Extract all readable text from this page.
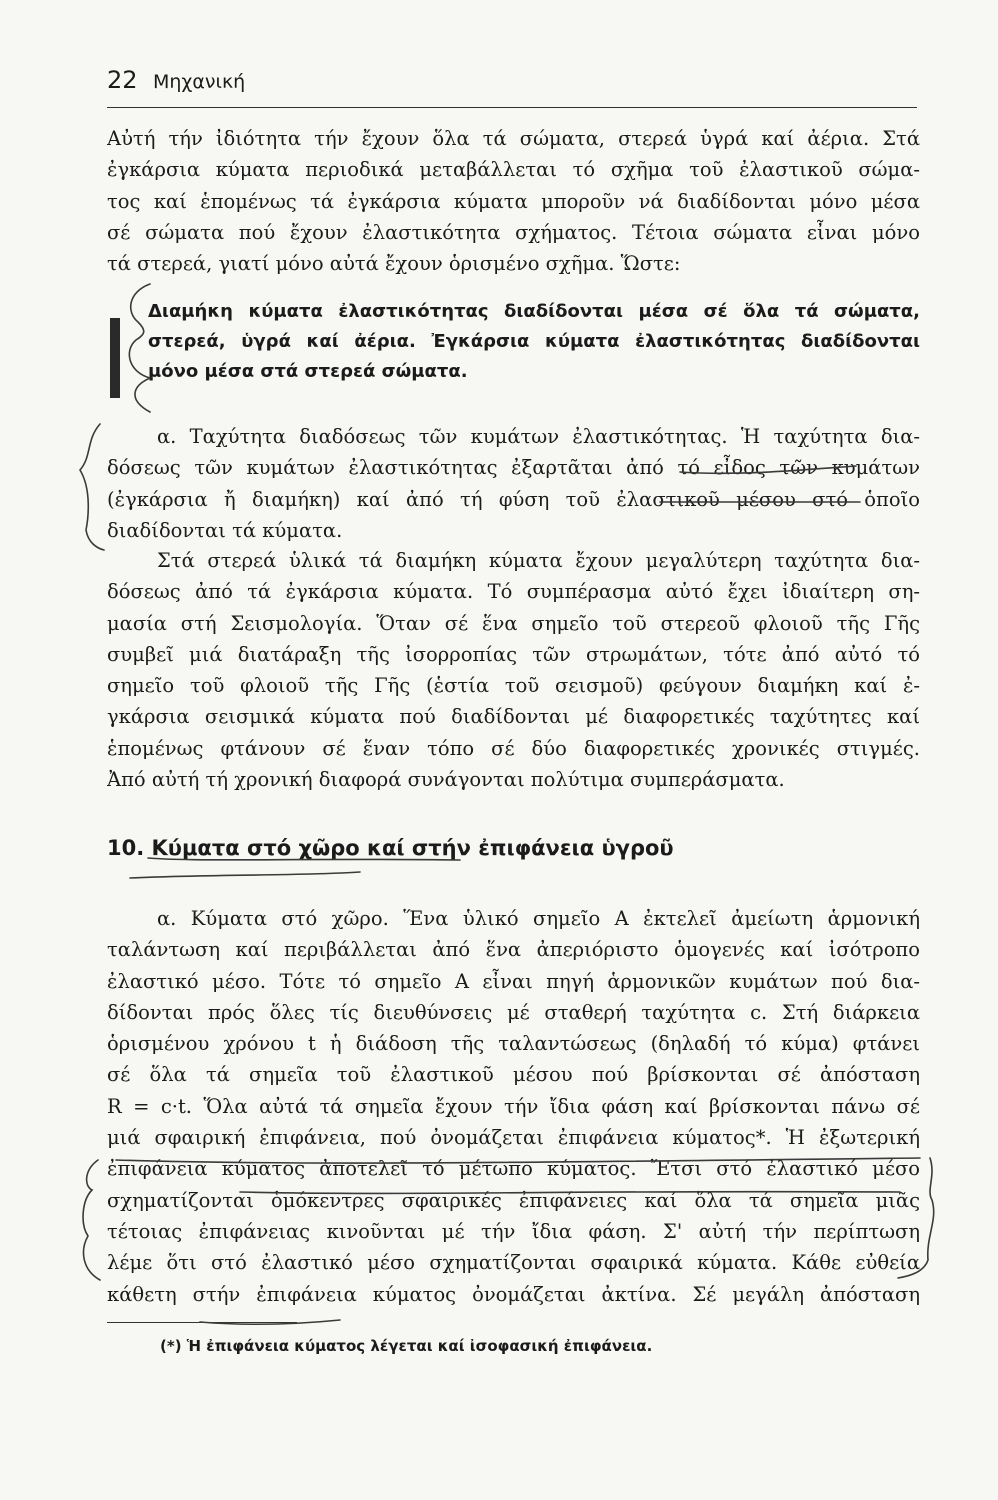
22 Μηχανική

Αὐτή τήν ἰδιότητα τήν ἔχουν ὅλα τά σώματα, στερεά ὑγρά καί ἀέρια. Στά
ἐγκάρσια κύματα περιοδικά μεταβάλλεται τό σχῆμα τοῦ ἐλαστικοῦ σώμα-
τος καί ἑπομένως τά ἐγκάρσια κύματα μποροῦν νά διαδίδονται μόνο μέσα
σέ σώματα πού ἔχουν ἐλαστικότητα σχήματος. Τέτοια σώματα εἶναι μόνο
τά στερεά, γιατί μόνο αὐτά ἔχουν ὁρισμένο σχῆμα. Ὥστε:

Διαμήκη κύματα ἐλαστικότητας διαδίδονται μέσα σέ ὅλα τά σώματα,
στερεά, ὑγρά καί ἀέρια. Ἐγκάρσια κύματα ἐλαστικότητας διαδίδονται
μόνο μέσα στά στερεά σώματα.

α. Ταχύτητα διαδόσεως τῶν κυμάτων ἐλαστικότητας. Ἡ ταχύτητα δια-
δόσεως τῶν κυμάτων ἐλαστικότητας ἐξαρτᾶται ἀπό τό εἶδος τῶν κυμάτων
(ἐγκάρσια ἤ διαμήκη) καί ἀπό τή φύση τοῦ ἐλαστικοῦ μέσου στό ὁποῖο
διαδίδονται τά κύματα.

Στά στερεά ὑλικά τά διαμήκη κύματα ἔχουν μεγαλύτερη ταχύτητα δια-
δόσεως ἀπό τά ἐγκάρσια κύματα. Τό συμπέρασμα αὐτό ἔχει ἰδιαίτερη ση-
μασία στή Σεισμολογία. Ὅταν σέ ἕνα σημεῖο τοῦ στερεοῦ φλοιοῦ τῆς Γῆς
συμβεῖ μιά διατάραξη τῆς ἰσορροπίας τῶν στρωμάτων, τότε ἀπό αὐτό τό
σημεῖο τοῦ φλοιοῦ τῆς Γῆς (ἑστία τοῦ σεισμοῦ) φεύγουν διαμήκη καί ἐ-
γκάρσια σεισμικά κύματα πού διαδίδονται μέ διαφορετικές ταχύτητες καί
ἑπομένως φτάνουν σέ ἕναν τόπο σέ δύο διαφορετικές χρονικές στιγμές.
Ἀπό αὐτή τή χρονική διαφορά συνάγονται πολύτιμα συμπεράσματα.

10. Κύματα στό χῶρο καί στήν ἐπιφάνεια ὑγροῦ

α. Κύματα στό χῶρο. Ἕνα ὑλικό σημεῖο Α ἐκτελεῖ ἀμείωτη ἁρμονική
ταλάντωση καί περιβάλλεται ἀπό ἕνα ἀπεριόριστο ὁμογενές καί ἰσότροπο
ἐλαστικό μέσο. Τότε τό σημεῖο Α εἶναι πηγή ἁρμονικῶν κυμάτων πού δια-
δίδονται πρός ὅλες τίς διευθύνσεις μέ σταθερή ταχύτητα c. Στή διάρκεια
ὁρισμένου χρόνου t ἡ διάδοση τῆς ταλαντώσεως (δηλαδή τό κύμα) φτάνει
σέ ὅλα τά σημεῖα τοῦ ἐλαστικοῦ μέσου πού βρίσκονται σέ ἀπόσταση
R = c·t. Ὅλα αὐτά τά σημεῖα ἔχουν τήν ἴδια φάση καί βρίσκονται πάνω σέ
μιά σφαιρική ἐπιφάνεια, πού ὀνομάζεται ἐπιφάνεια κύματος*. Ἡ ἐξωτερική
ἐπιφάνεια κύματος ἀποτελεῖ τό μέτωπο κύματος. Ἔτσι στό ἐλαστικό μέσο
σχηματίζονται ὁμόκεντρες σφαιρικές ἐπιφάνειες καί ὅλα τά σημεῖα μιᾶς
τέτοιας ἐπιφάνειας κινοῦνται μέ τήν ἴδια φάση. Σ' αὐτή τήν περίπτωση
λέμε ὅτι στό ἐλαστικό μέσο σχηματίζονται σφαιρικά κύματα. Κάθε εὐθεία
κάθετη στήν ἐπιφάνεια κύματος ὀνομάζεται ἀκτίνα. Σέ μεγάλη ἀπόσταση

(*) Ἡ ἐπιφάνεια κύματος λέγεται καί ἰσοφασική ἐπιφάνεια.
